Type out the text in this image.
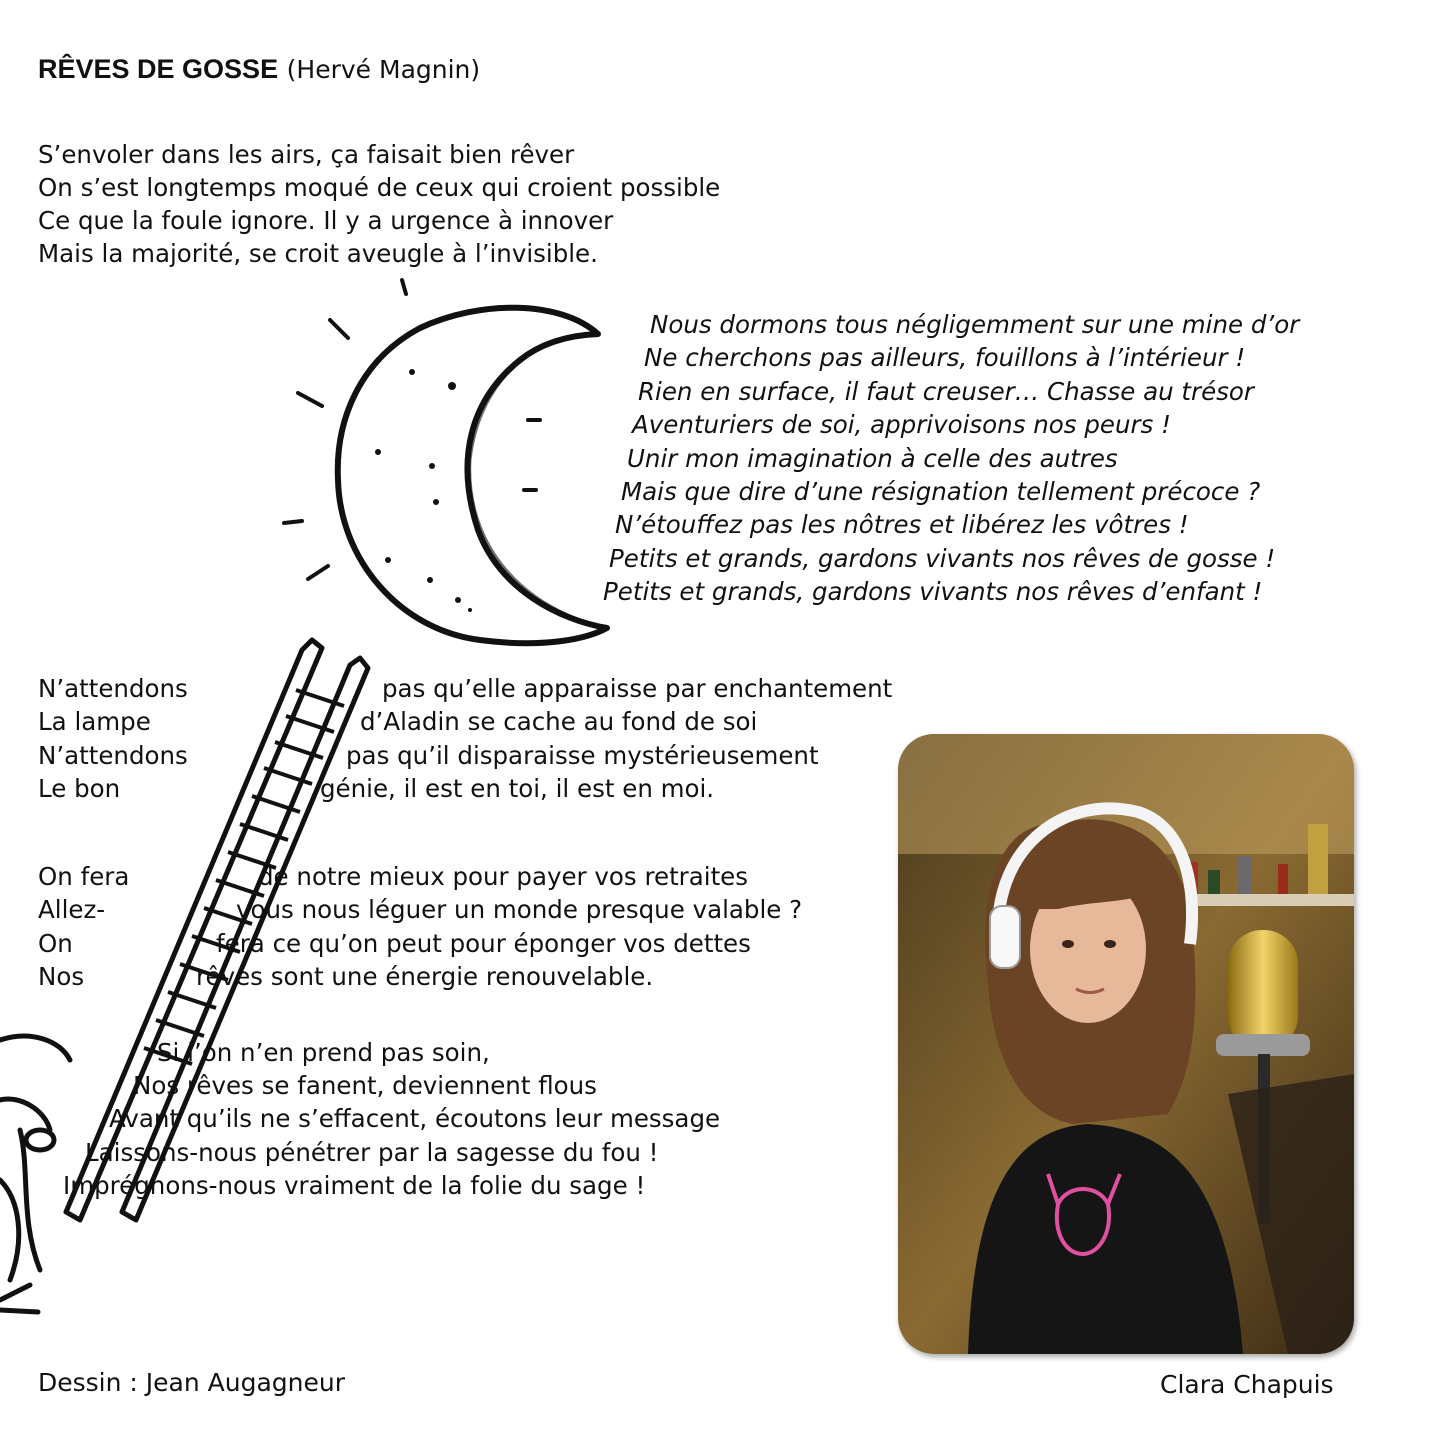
RÊVES DE GOSSE (Hervé Magnin)
S’envoler dans les airs, ça faisait bien rêver
On s’est longtemps moqué de ceux qui croient possible
Ce que la foule ignore. Il y a urgence à innover
Mais la majorité, se croit aveugle à l’invisible.
Nous dormons tous négligemment sur une mine d’or
Ne cherchons pas ailleurs, fouillons à l’intérieur !
Rien en surface, il faut creuser… Chasse au trésor
Aventuriers de soi, apprivoisons nos peurs !
Unir mon imagination à celle des autres
Mais que dire d’une résignation tellement précoce ?
N’étouffez pas les nôtres et libérez les vôtres !
Petits et grands, gardons vivants nos rêves de gosse !
Petits et grands, gardons vivants nos rêves d’enfant !
N’attendons	pas qu’elle apparaisse par enchantement
La lampe	d’Aladin se cache au fond de soi
N’attendons	pas qu’il disparaisse mystérieusement
Le bon	génie, il est en toi, il est en moi.
On fera	de notre mieux pour payer vos retraites
Allez-	vous nous léguer un monde presque valable ?
On	fera ce qu’on peut pour éponger vos dettes
Nos	rêves sont une énergie renouvelable.
Si l’on n’en prend pas soin,
Nos rêves se fanent, deviennent flous
Avant qu’ils ne s’effacent, écoutons leur message
Laissons-nous pénétrer par la sagesse du fou !
Imprégnons-nous vraiment de la folie du sage !
Dessin : Jean Augagneur	Clara Chapuis
